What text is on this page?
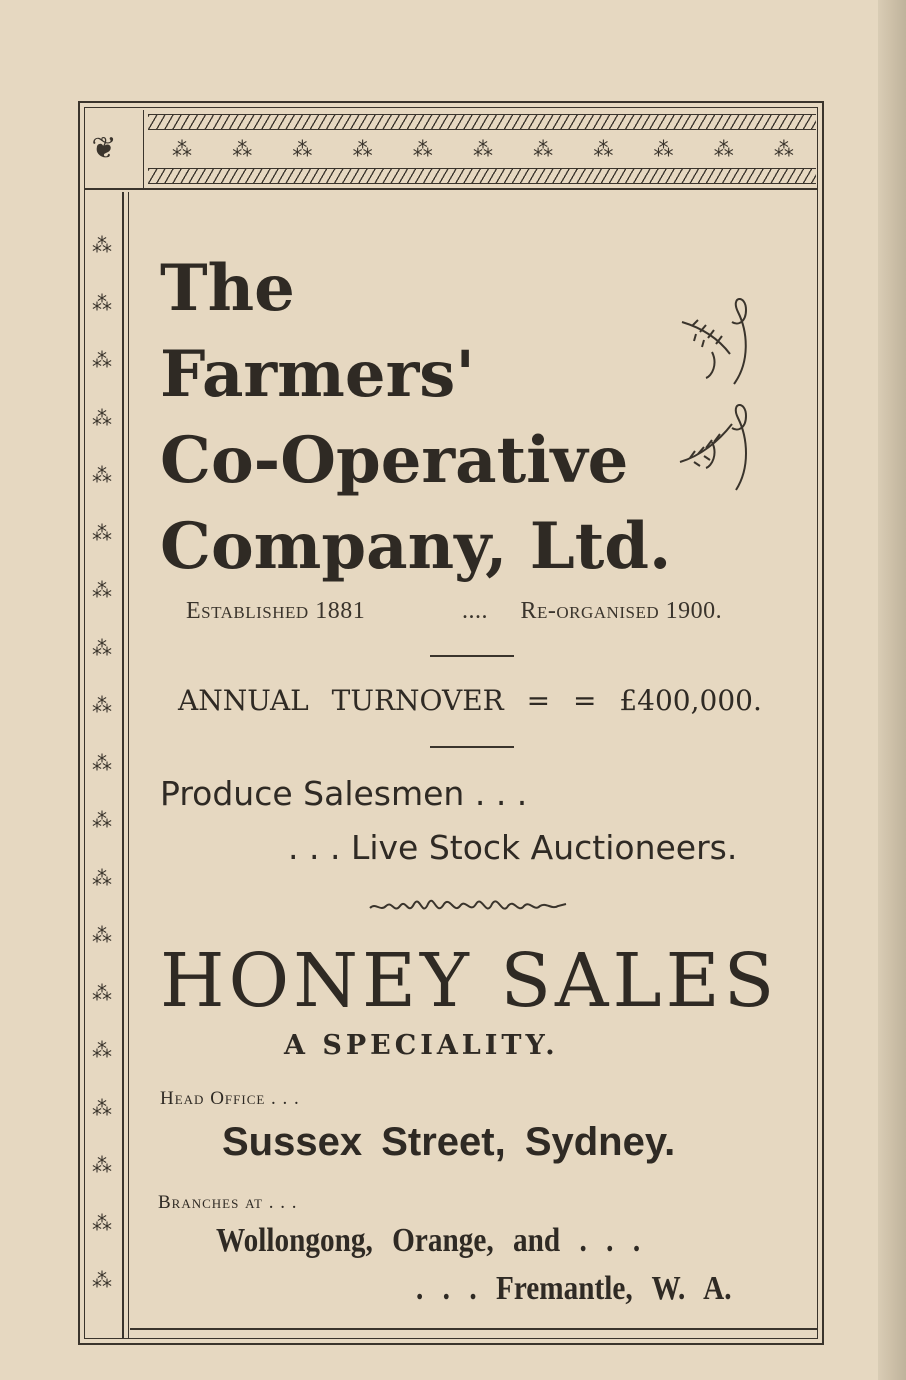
❦	⁂ ⁂ ⁂ ⁂ ⁂ ⁂ ⁂ ⁂ ⁂ ⁂ ⁂
⁂
⁂
⁂
⁂
⁂
⁂
⁂
⁂
⁂
⁂
⁂
⁂
⁂
⁂
⁂
⁂
⁂
⁂
⁂
The
Farmers'
Co-Operative
Company, Ltd.
Established 1881	.... Re-organised 1900.
ANNUAL TURNOVER = = £400,000.
Produce Salesmen . . .
. . . Live Stock Auctioneers.
HONEY SALES
A SPECIALITY.
Head Office . . .
Sussex Street, Sydney.
Branches at . . .
Wollongong, Orange, and . . .
. . . Fremantle, W. A.
